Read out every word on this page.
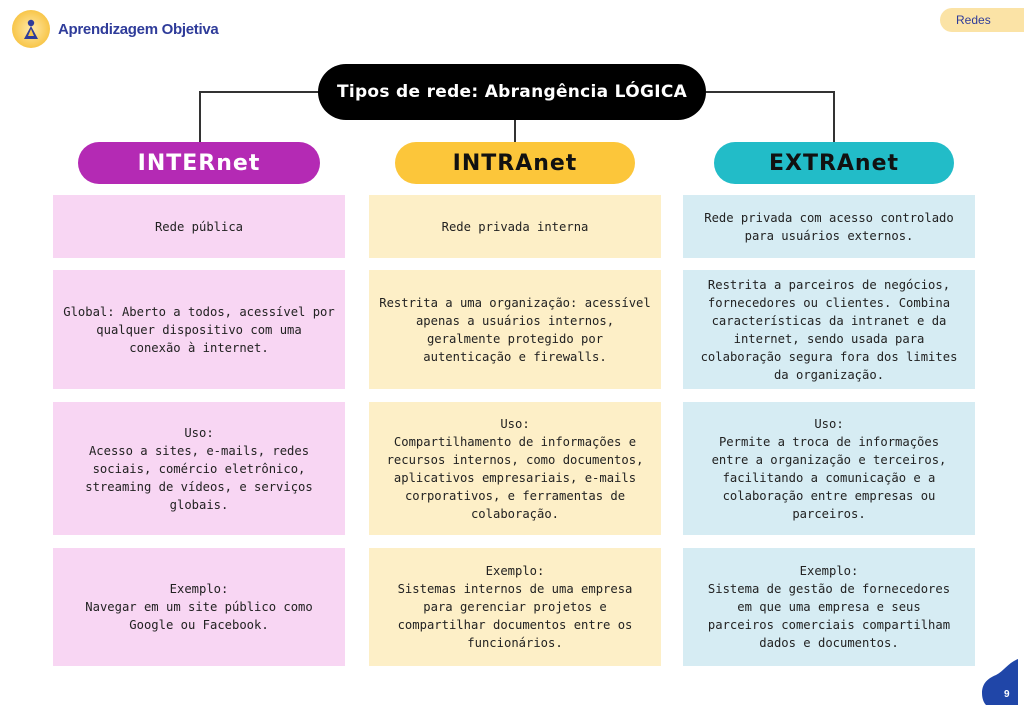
Aprendizagem Objetiva
Redes
Tipos de rede: Abrangência LÓGICA
INTERnet	INTRAnet	EXTRAnet
Rede pública
Global: Aberto a todos, acessível por
qualquer dispositivo com uma
conexão à internet.
Uso:
Acesso a sites, e-mails, redes
sociais, comércio eletrônico,
streaming de vídeos, e serviços
globais.
Exemplo:
Navegar em um site público como
Google ou Facebook.
Rede privada interna
Restrita a uma organização: acessível
apenas a usuários internos,
geralmente protegido por
autenticação e firewalls.
Uso:
Compartilhamento de informações e
recursos internos, como documentos,
aplicativos empresariais, e-mails
corporativos, e ferramentas de
colaboração.
Exemplo:
Sistemas internos de uma empresa
para gerenciar projetos e
compartilhar documentos entre os
funcionários.
Rede privada com acesso controlado
para usuários externos.
Restrita a parceiros de negócios,
fornecedores ou clientes. Combina
características da intranet e da
internet, sendo usada para
colaboração segura fora dos limites
da organização.
Uso:
Permite a troca de informações
entre a organização e terceiros,
facilitando a comunicação e a
colaboração entre empresas ou
parceiros.
Exemplo:
Sistema de gestão de fornecedores
em que uma empresa e seus
parceiros comerciais compartilham
dados e documentos.
9
